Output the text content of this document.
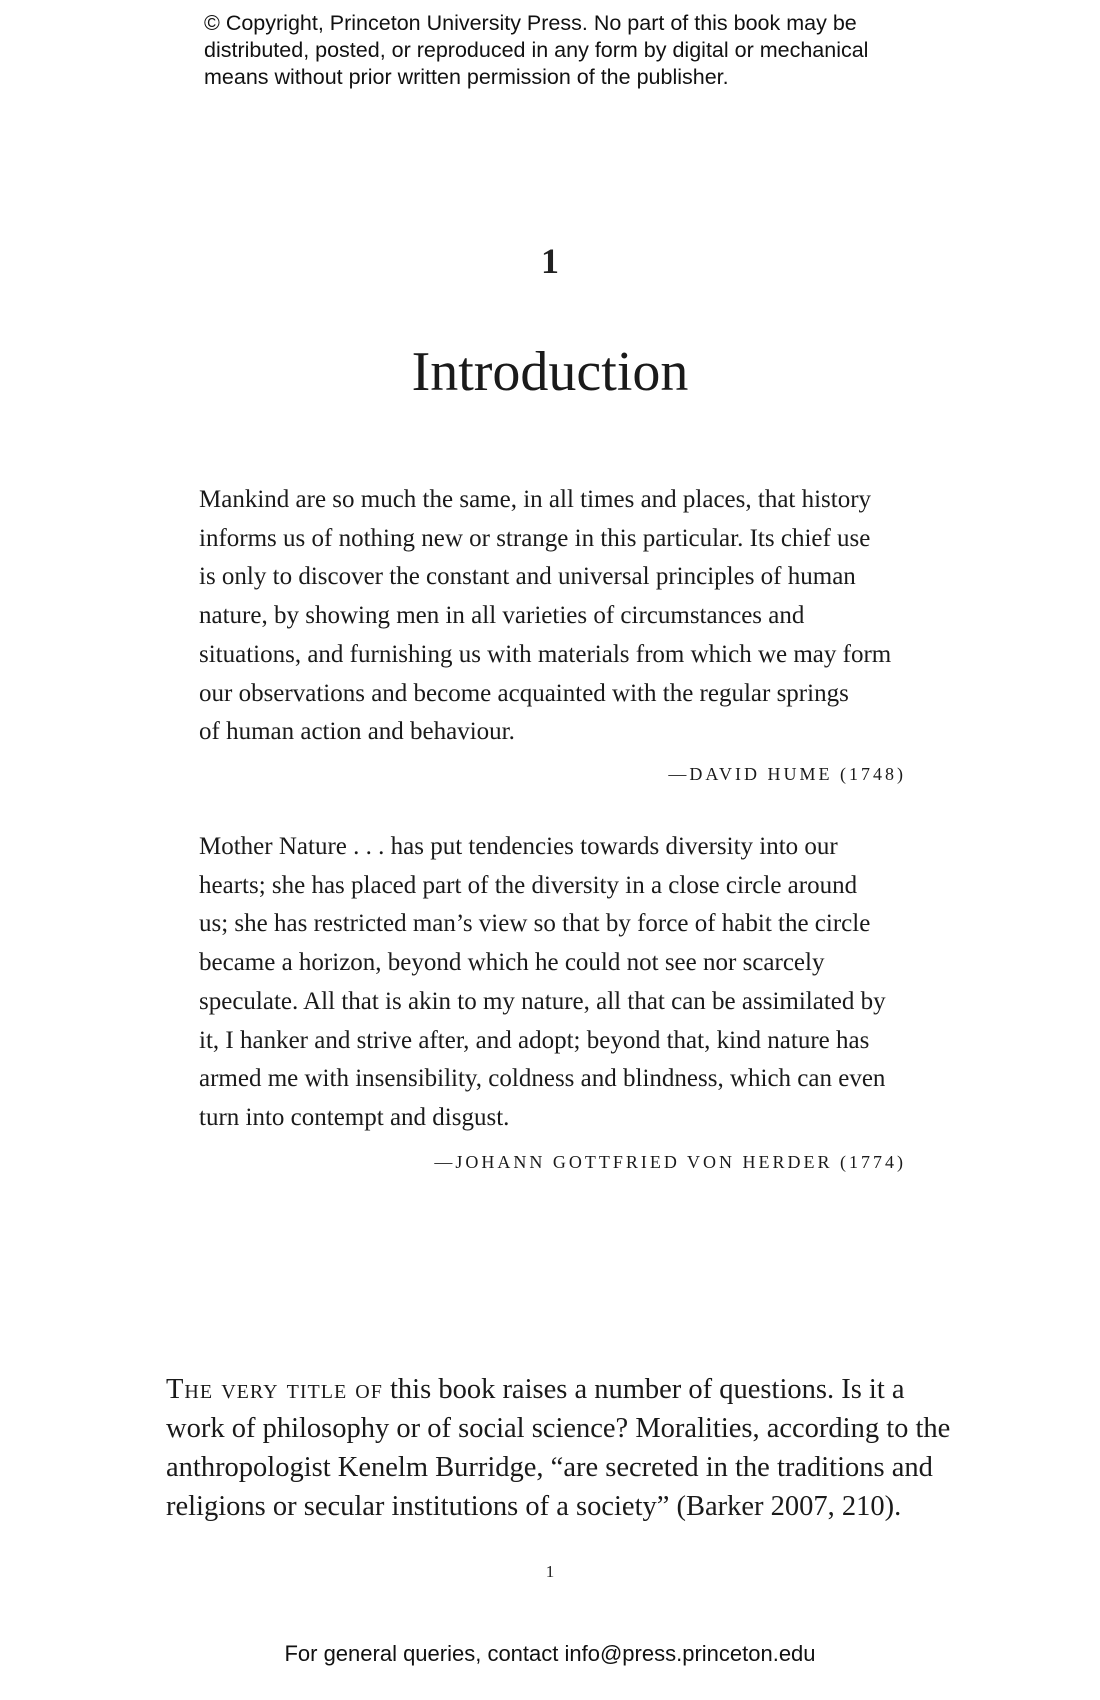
© Copyright, Princeton University Press. No part of this book may be
distributed, posted, or reproduced in any form by digital or mechanical
means without prior written permission of the publisher.
1
Introduction
Mankind are so much the same, in all times and places, that history
informs us of nothing new or strange in this particular. Its chief use
is only to discover the constant and universal principles of human
nature, by showing men in all varieties of circumstances and
situations, and furnishing us with materials from which we may form
our observations and become acquainted with the regular springs
of human action and behaviour.
—DAVID HUME (1748)
Mother Nature . . . has put tendencies towards diversity into our
hearts; she has placed part of the diversity in a close circle around
us; she has restricted man’s view so that by force of habit the circle
became a horizon, beyond which he could not see nor scarcely
speculate. All that is akin to my nature, all that can be assimilated by
it, I hanker and strive after, and adopt; beyond that, kind nature has
armed me with insensibility, coldness and blindness, which can even
turn into contempt and disgust.
—JOHANN GOTTFRIED VON HERDER (1774)
The very title of this book raises a number of questions. Is it a
work of philosophy or of social science? Moralities, according to the
anthropologist Kenelm Burridge, “are secreted in the traditions and
religions or secular institutions of a society” (Barker 2007, 210).
1
For general queries, contact info@press.princeton.edu
